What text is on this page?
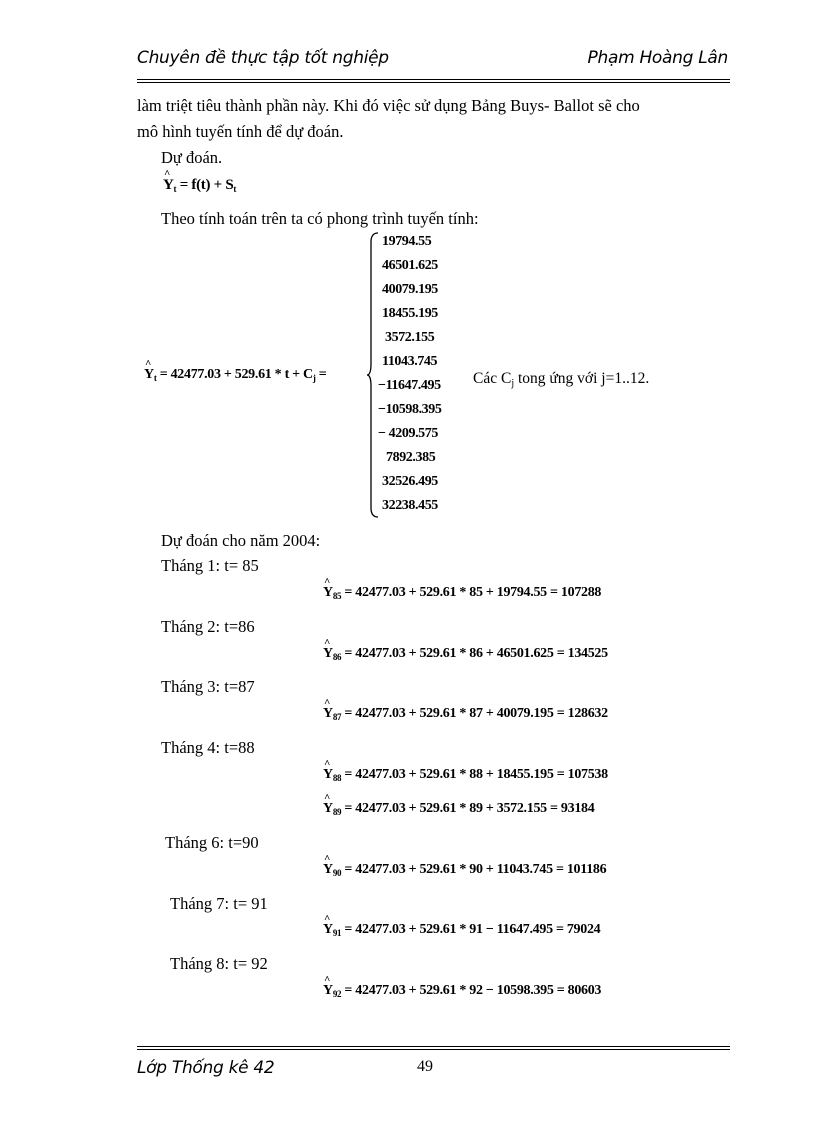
Chuyên đề thực tập tốt nghiệp	Phạm Hoàng Lân
làm triệt tiêu thành phần này. Khi đó việc sử dụng Bảng Buys- Ballot sẽ cho
mô hình tuyến tính để dự đoán.
Dự đoán.
^ $Y_t = f(t) + S_t$
Theo tính toán trên ta có phong trình tuyến tính:
^ $Y_t = 42477.03 + 529.61 * t + C_j$ =
19794.55
46501.625
40079.195
18455.195
3572.155
11043.745
−11647.495
−10598.395
− 4209.575
7892.385
32526.495
32238.455
Các Cj tong ứng với j=1..12.
Dự đoán cho năm 2004:
Tháng 1: t= 85
^ $Y_{85} = 42477.03 + 529.61 * 85 + 19794.55 = 107288$
Tháng 2: t=86
^ $Y_{86} = 42477.03 + 529.61 * 86 + 46501.625 = 134525$
Tháng 3: t=87
^ $Y_{87} = 42477.03 + 529.61 * 87 + 40079.195 = 128632$
Tháng 4: t=88
^ $Y_{88} = 42477.03 + 529.61 * 88 + 18455.195 = 107538$
^ $Y_{89} = 42477.03 + 529.61 * 89 + 3572.155 = 93184$
Tháng 6: t=90
^ $Y_{90} = 42477.03 + 529.61 * 90 + 11043.745 = 101186$
Tháng 7: t= 91
^ $Y_{91} = 42477.03 + 529.61 * 91 - 11647.495 = 79024$
Tháng 8: t= 92
^ $Y_{92} = 42477.03 + 529.61 * 92 - 10598.395 = 80603$
Lớp Thống kê 42	49
